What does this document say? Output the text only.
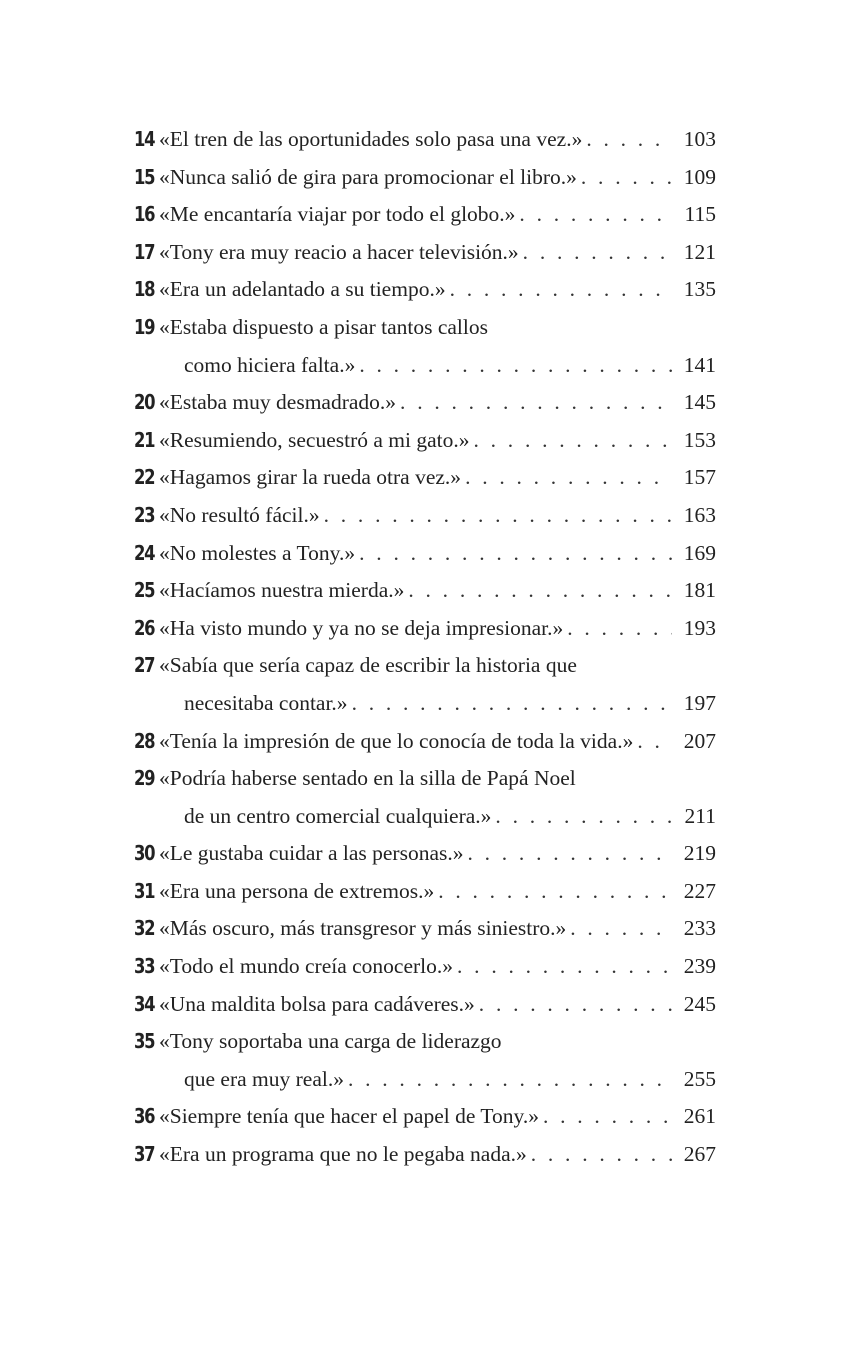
14 «El tren de las oportunidades solo pasa una vez.» . . .	103
15 «Nunca salió de gira para promocionar el libro.» . . .	109
16 «Me encantaría viajar por todo el globo.» . . .	115
17 «Tony era muy reacio a hacer televisión.» . . .	121
18 «Era un adelantado a su tiempo.» . . .	135
19 «Estaba dispuesto a pisar tantos callos
como hiciera falta.» . . .	141
20 «Estaba muy desmadrado.» . . .	145
21 «Resumiendo, secuestró a mi gato.» . . .	153
22 «Hagamos girar la rueda otra vez.» . . .	157
23 «No resultó fácil.» . . .	163
24 «No molestes a Tony.» . . .	169
25 «Hacíamos nuestra mierda.» . . .	181
26 «Ha visto mundo y ya no se deja impresionar.» . . .	193
27 «Sabía que sería capaz de escribir la historia que
necesitaba contar.» . . .	197
28 «Tenía la impresión de que lo conocía de toda la vida.» . . . 207
29 «Podría haberse sentado en la silla de Papá Noel
de un centro comercial cualquiera.» . . .	211
30 «Le gustaba cuidar a las personas.» . . .	219
31 «Era una persona de extremos.» . . .	227
32 «Más oscuro, más transgresor y más siniestro.» . . .	233
33 «Todo el mundo creía conocerlo.» . . .	239
34 «Una maldita bolsa para cadáveres.» . . .	245
35 «Tony soportaba una carga de liderazgo
que era muy real.» . . .	255
36 «Siempre tenía que hacer el papel de Tony.» . . .	261
37 «Era un programa que no le pegaba nada.» . . .	267
